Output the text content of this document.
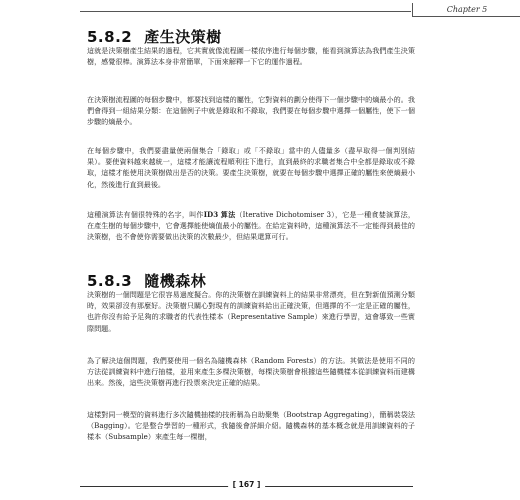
Chapter 5
5.8.2 產生決策樹
這就是決策樹產生結果的過程，它其實就像流程圖一樣依序進行每個步驟，能看到演算法為我們產生決策樹，感覺很棒。演算法本身非常簡單，下面來解釋一下它的運作過程。
在決策樹流程圖的每個步驟中，都要找到這樣的屬性，它對資料的劃分使得下一個步驟中的熵最小的。我們會得到一組結果分類：在這個例子中就是錄取和不錄取，我們要在每個步驟中選擇一個屬性，使下一個步驟的熵最小。
在每個步驟中，我們要盡量使兩個集合「錄取」或「不錄取」當中的人儘量多（盡早取得一個判別結果）。要使資料越來越統一，這樣才能讓流程順利往下進行，直到最終的求職者集合中全都是錄取或不錄取，這樣才能使用決策樹做出是否的決策。要產生決策樹，就要在每個步驟中選擇正確的屬性來使熵最小化，然後進行直到最後。
這種演算法有個很特殊的名字，叫作ID3 算法（Iterative Dichotomiser 3），它是一種貪婪演算法，在產生樹的每個步驟中，它會選擇能使熵值最小的屬性。在給定資料時，這種演算法不一定能得到最佳的決策樹，也不會使你需要做出決策的次數最少，但結果還算可行。
5.8.3 隨機森林
決策樹的一個問題是它很容易過度擬合。你的決策樹在訓練資料上的結果非常漂亮，但在對新值預測分類時，效果卻沒有那麼好。決策樹只關心對現有的訓練資料給出正確決策，但選擇的不一定是正確的屬性，也許你沒有給予足夠的求職者的代表性樣本（Representative Sample）來進行學習，這會導致一些實際問題。
為了解決這個問題，我們要使用一個名為隨機森林（Random Forests）的方法。其做法是使用不同的方法從訓練資料中進行抽樣，並用來產生多棵決策樹，每棵決策樹會根據這些隨機樣本從訓練資料而建構出來。然後，這些決策樹再進行投票來決定正確的結果。
這樣對同一模型的資料進行多次隨機抽樣的技術稱為自助聚集（Bootstrap Aggregating），簡稱裝袋法（Bagging）。它是整合學習的一種形式，我隨後會詳細介紹。隨機森林的基本概念就是用訓練資料的子樣本（Subsample）來產生每一棵樹，
[ 167 ]
